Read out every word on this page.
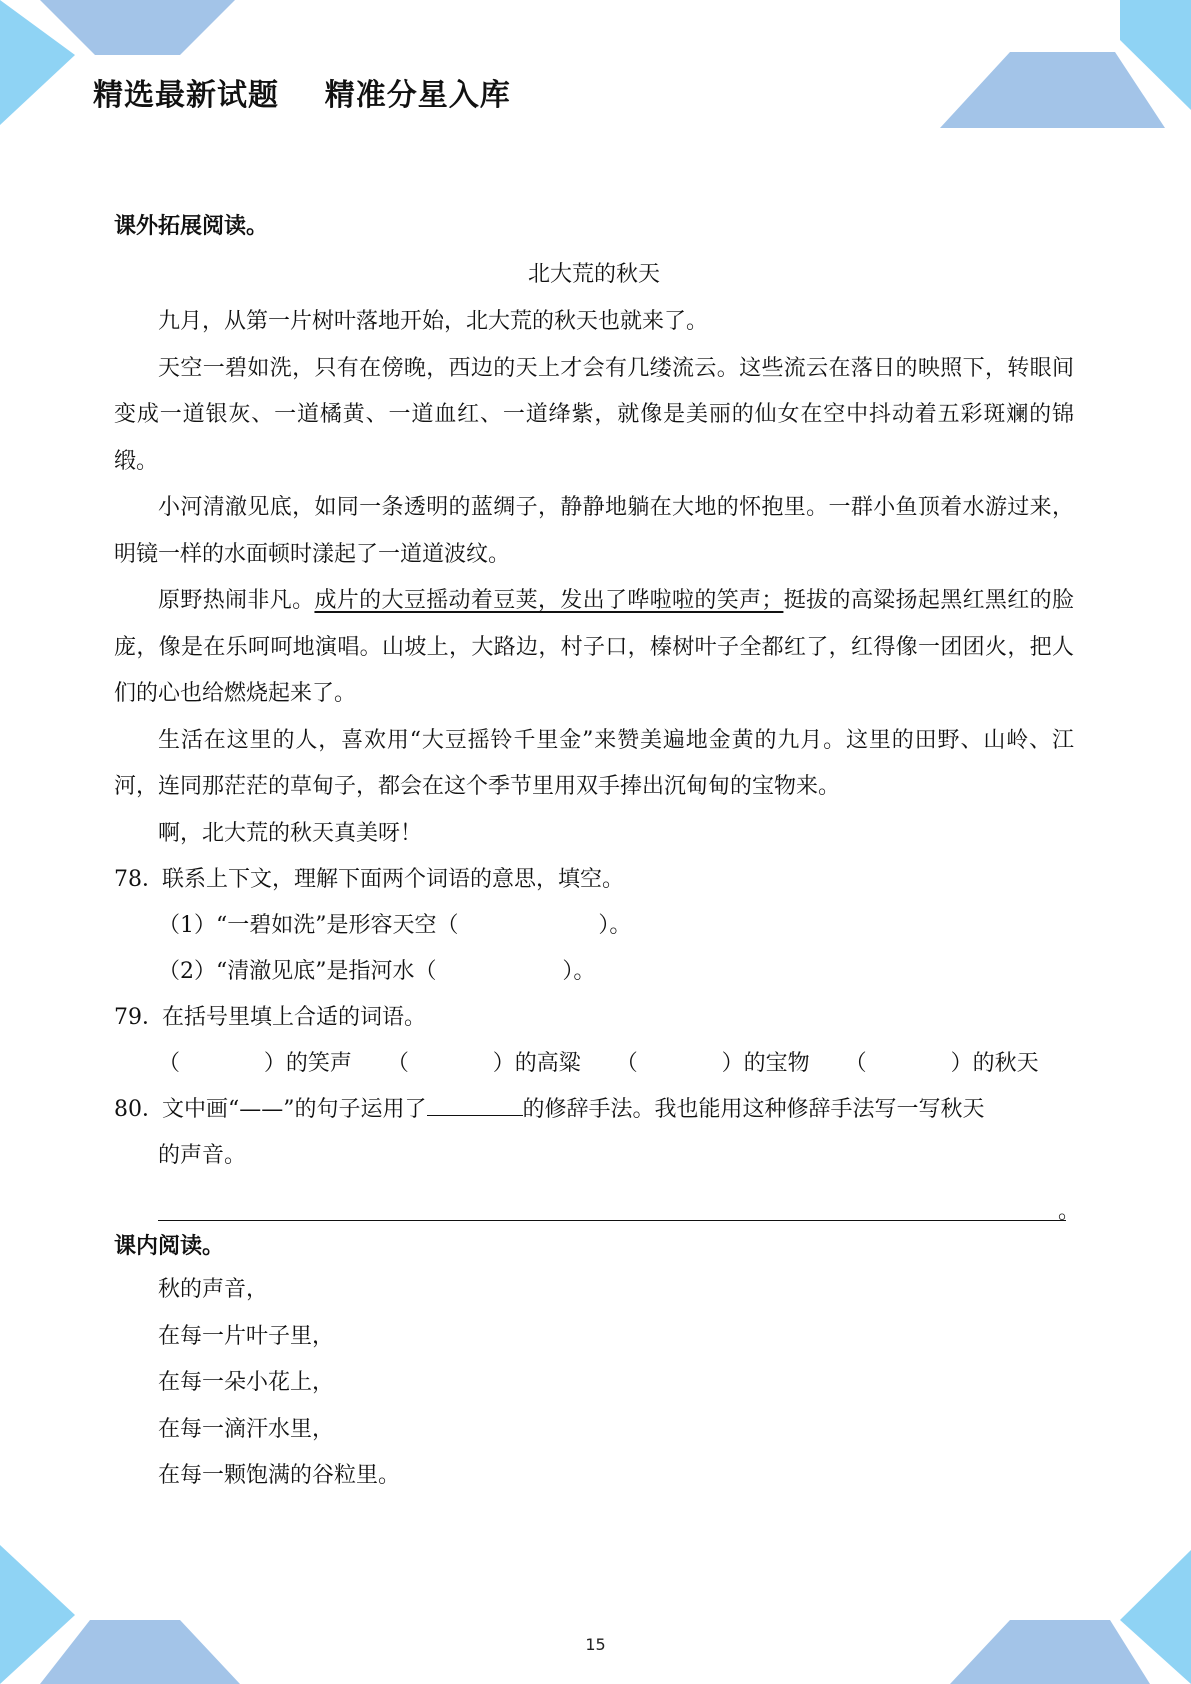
精选最新试题    精准分星入库

课外拓展阅读。

北大荒的秋天

九月，从第一片树叶落地开始，北大荒的秋天也就来了。

天空一碧如洗，只有在傍晚，西边的天上才会有几缕流云。这些流云在落日的映照下，转眼间变成一道银灰、一道橘黄、一道血红、一道绛紫，就像是美丽的仙女在空中抖动着五彩斑斓的锦缎。

小河清澈见底，如同一条透明的蓝绸子，静静地躺在大地的怀抱里。一群小鱼顶着水游过来，明镜一样的水面顿时漾起了一道道波纹。

原野热闹非凡。成片的大豆摇动着豆荚，发出了哗啦啦的笑声；挺拔的高粱扬起黑红黑红的脸庞，像是在乐呵呵地演唱。山坡上，大路边，村子口，榛树叶子全都红了，红得像一团团火，把人们的心也给燃烧起来了。

生活在这里的人，喜欢用“大豆摇铃千里金”来赞美遍地金黄的九月。这里的田野、山岭、江河，连同那茫茫的草甸子，都会在这个季节里用双手捧出沉甸甸的宝物来。

啊，北大荒的秋天真美呀！

78．联系上下文，理解下面两个词语的意思，填空。

（1）“一碧如洗”是形容天空（                    ）。

（2）“清澈见底”是指河水（                  ）。

79．在括号里填上合适的词语。

（            ）的笑声     （            ）的高粱     （            ）的宝物     （            ）的秋天

80．文中画“——”的句子运用了	的修辞手法。我也能用这种修辞手法写一写秋天

的声音。

。

课内阅读。

秋的声音，

在每一片叶子里，

在每一朵小花上，

在每一滴汗水里，

在每一颗饱满的谷粒里。

15
